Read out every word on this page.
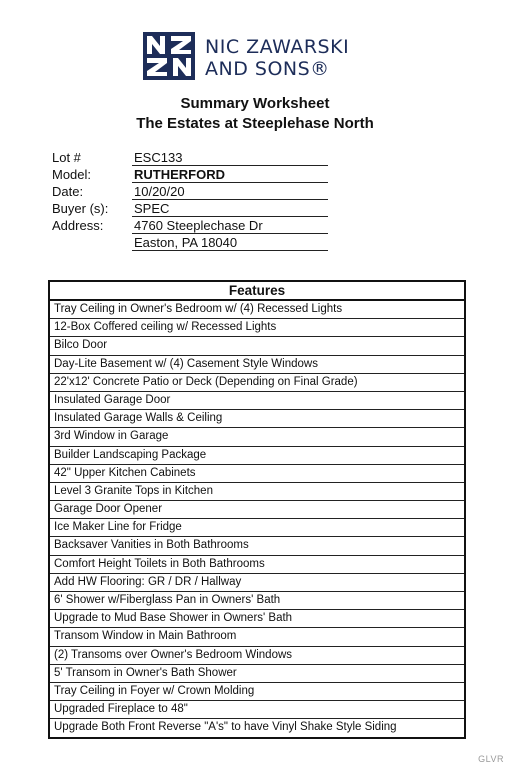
NIC ZAWARSKI
AND SONS®
Summary Worksheet
The Estates at Steeplehase North
Lot #	ESC133
Model:	RUTHERFORD
Date:	10/20/20
Buyer (s):	SPEC
Address:	4760 Steeplechase Dr
Easton, PA 18040
Features
Tray Ceiling in Owner's Bedroom w/ (4) Recessed Lights
12-Box Coffered ceiling w/ Recessed Lights
Bilco Door
Day-Lite Basement w/ (4) Casement Style Windows
22'x12' Concrete Patio or Deck (Depending on Final Grade)
Insulated Garage Door
Insulated Garage Walls & Ceiling
3rd Window in Garage
Builder Landscaping Package
42" Upper Kitchen Cabinets
Level 3 Granite Tops in Kitchen
Garage Door Opener
Ice Maker Line for Fridge
Backsaver Vanities in Both Bathrooms
Comfort Height Toilets in Both Bathrooms
Add HW Flooring: GR / DR / Hallway
6' Shower w/Fiberglass Pan in Owners' Bath
Upgrade to Mud Base Shower in Owners' Bath
Transom Window in Main Bathroom
(2) Transoms over Owner's Bedroom Windows
5' Transom in Owner's Bath Shower
Tray Ceiling in Foyer w/ Crown Molding
Upgraded Fireplace to 48"
Upgrade Both Front Reverse "A's" to have Vinyl Shake Style Siding
GLVR
